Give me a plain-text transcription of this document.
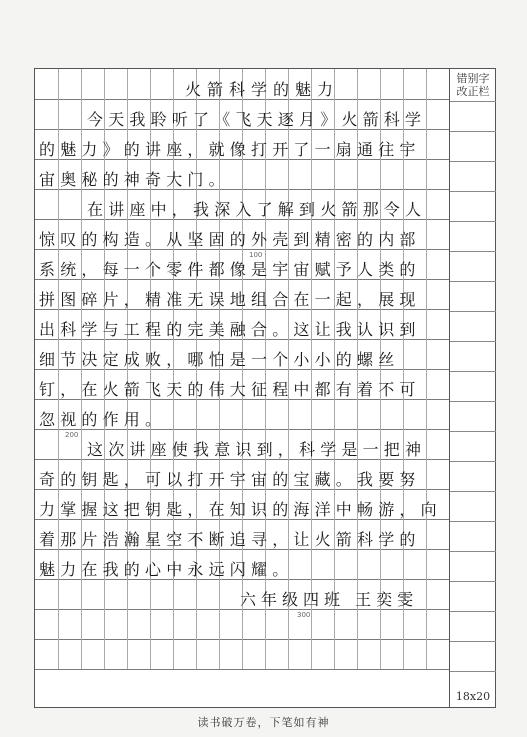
火箭科学的魅力
今天我聆听了《飞天逐月》火箭科学
的魅力》的讲座，就像打开了一扇通往宇
宙奥秘的神奇大门。
在讲座中，我深入了解到火箭那令人
惊叹的构造。从坚固的外壳到精密的内部
系统，每一个零件都像是宇宙赋予人类的
拼图碎片，精准无误地组合在一起，展现
出科学与工程的完美融合。这让我认识到
细节决定成败，哪怕是一个小小的螺丝
钉，在火箭飞天的伟大征程中都有着不可
忽视的作用。
这次讲座使我意识到，科学是一把神
奇的钥匙，可以打开宇宙的宝藏。我要努
力掌握这把钥匙，在知识的海洋中畅游，向
着那片浩瀚星空不断追寻，让火箭科学的
魅力在我的心中永远闪耀。
六年级四班 王奕雯
100
200
300
错别字改正栏
18x20
读书破万卷，下笔如有神
